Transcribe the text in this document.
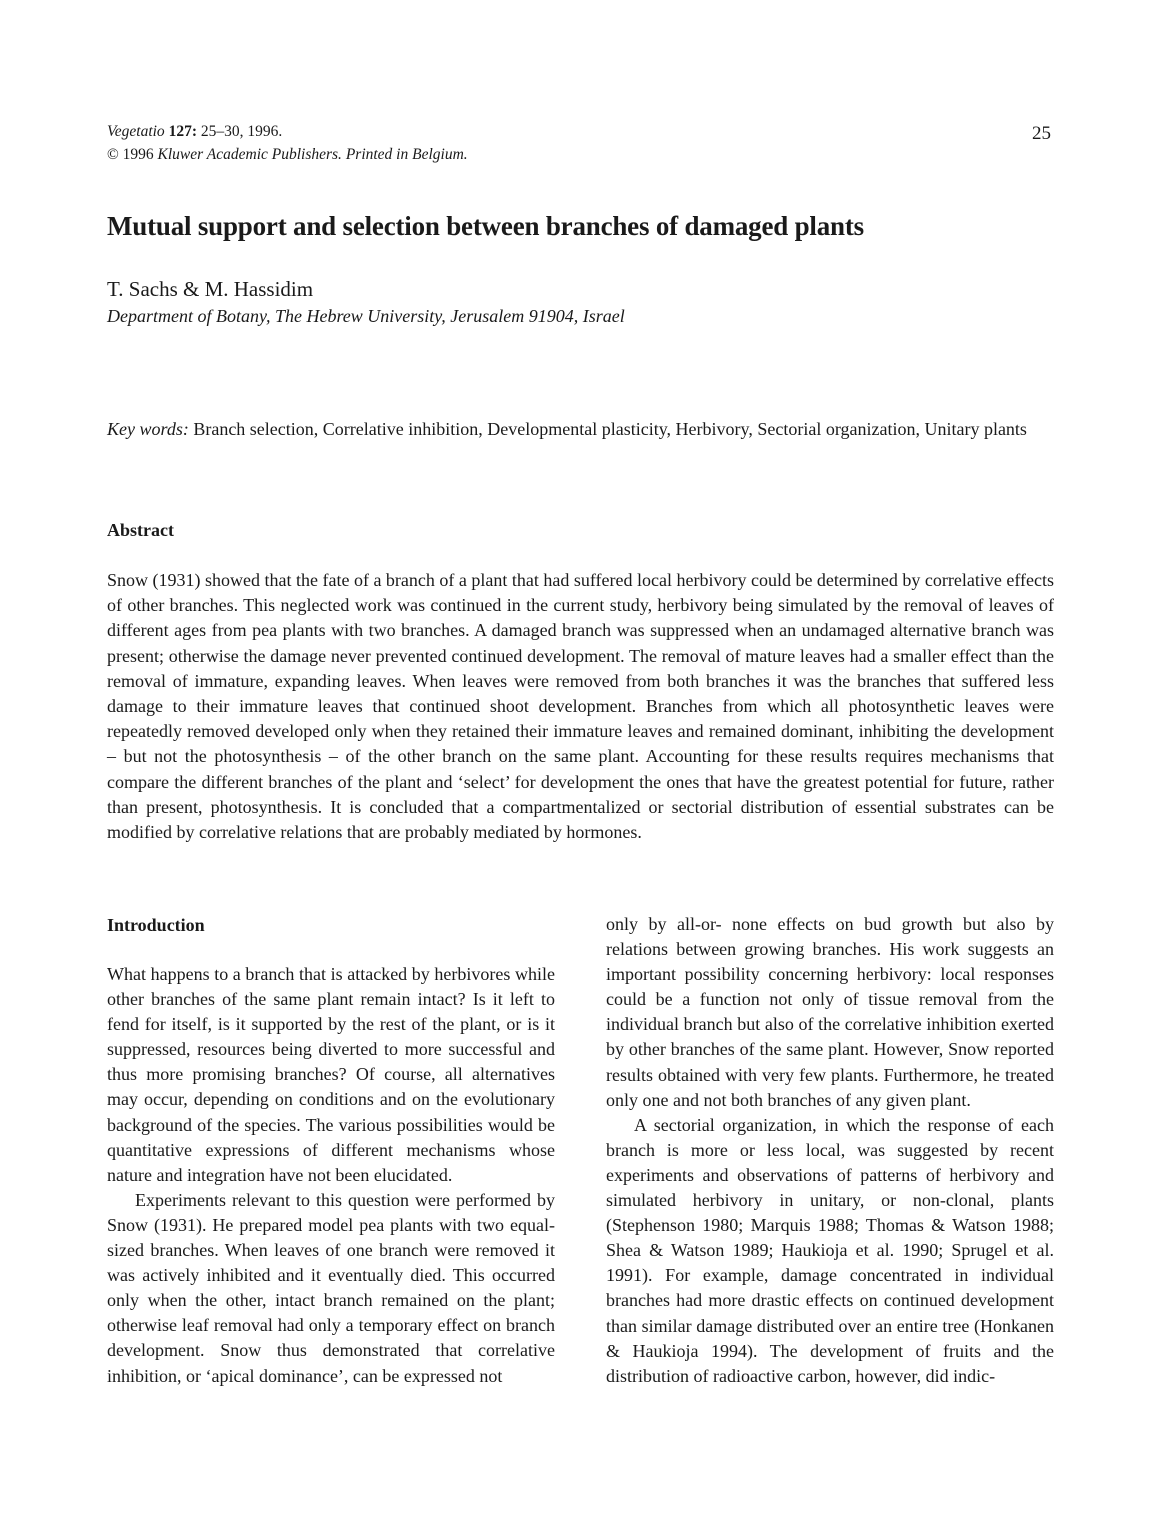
Vegetatio 127: 25–30, 1996.
© 1996 Kluwer Academic Publishers. Printed in Belgium.
25
Mutual support and selection between branches of damaged plants
T. Sachs & M. Hassidim
Department of Botany, The Hebrew University, Jerusalem 91904, Israel
Key words: Branch selection, Correlative inhibition, Developmental plasticity, Herbivory, Sectorial organization, Unitary plants
Abstract

Snow (1931) showed that the fate of a branch of a plant that had suffered local herbivory could be determined by correlative effects of other branches. This neglected work was continued in the current study, herbivory being simulated by the removal of leaves of different ages from pea plants with two branches. A damaged branch was suppressed when an undamaged alternative branch was present; otherwise the damage never prevented continued development. The removal of mature leaves had a smaller effect than the removal of immature, expanding leaves. When leaves were removed from both branches it was the branches that suffered less damage to their immature leaves that continued shoot development. Branches from which all photosynthetic leaves were repeatedly removed developed only when they retained their immature leaves and remained dominant, inhibiting the development – but not the photosynthesis – of the other branch on the same plant. Accounting for these results requires mechanisms that compare the different branches of the plant and ‘select’ for development the ones that have the greatest potential for future, rather than present, photosynthesis. It is concluded that a compartmentalized or sectorial distribution of essential substrates can be modified by correlative relations that are probably mediated by hormones.

Introduction

What happens to a branch that is attacked by herbivores while other branches of the same plant remain intact? Is it left to fend for itself, is it supported by the rest of the plant, or is it suppressed, resources being diverted to more successful and thus more promising branches? Of course, all alternatives may occur, depending on conditions and on the evolutionary background of the species. The various possibilities would be quantitative expressions of different mechanisms whose nature and integration have not been elucidated.

Experiments relevant to this question were performed by Snow (1931). He prepared model pea plants with two equal-sized branches. When leaves of one branch were removed it was actively inhibited and it eventually died. This occurred only when the other, intact branch remained on the plant; otherwise leaf removal had only a temporary effect on branch development. Snow thus demonstrated that correlative inhibition, or ‘apical dominance’, can be expressed not

only by all-or- none effects on bud growth but also by relations between growing branches. His work suggests an important possibility concerning herbivory: local responses could be a function not only of tissue removal from the individual branch but also of the correlative inhibition exerted by other branches of the same plant. However, Snow reported results obtained with very few plants. Furthermore, he treated only one and not both branches of any given plant.

A sectorial organization, in which the response of each branch is more or less local, was suggested by recent experiments and observations of patterns of herbivory and simulated herbivory in unitary, or non-clonal, plants (Stephenson 1980; Marquis 1988; Thomas & Watson 1988; Shea & Watson 1989; Haukioja et al. 1990; Sprugel et al. 1991). For example, damage concentrated in individual branches had more drastic effects on continued development than similar damage distributed over an entire tree (Honkanen & Haukioja 1994). The development of fruits and the distribution of radioactive carbon, however, did indic-
